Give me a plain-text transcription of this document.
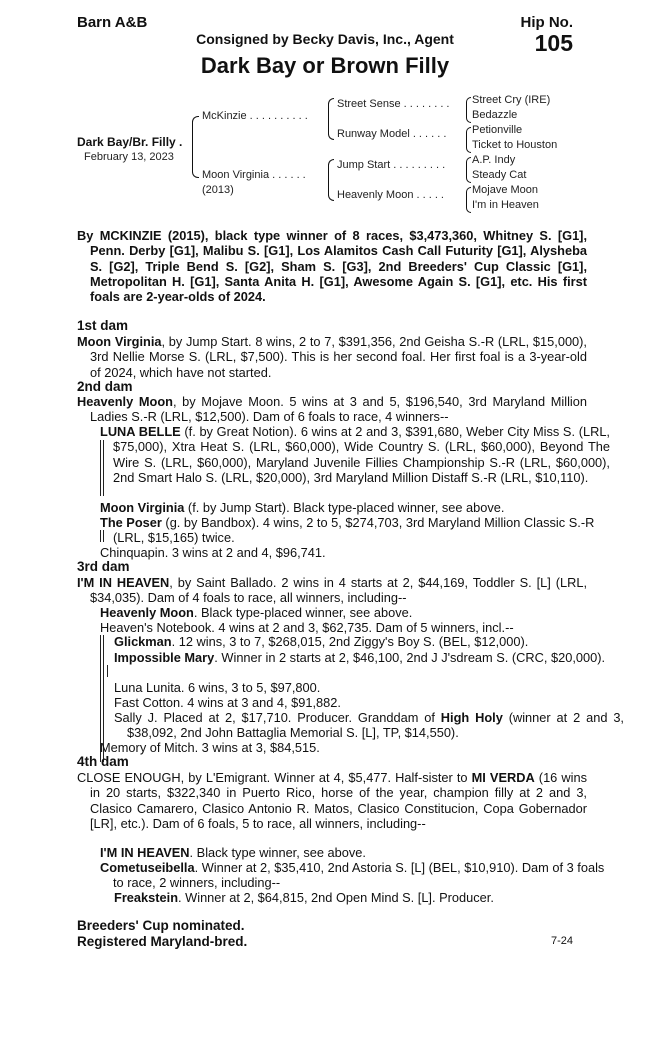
Barn A&B	Hip No.
105
Consigned by Becky Davis, Inc., Agent
Dark Bay or Brown Filly
Dark Bay/Br. Filly .
February 13, 2023
McKinzie . . . . . . . . . .
Moon Virginia . . . . . .
(2013)
Street Sense . . . . . . . .
Runway Model . . . . . .
Jump Start . . . . . . . . .
Heavenly Moon . . . . .
Street Cry (IRE)
Bedazzle
Petionville
Ticket to Houston
A.P. Indy
Steady Cat
Mojave Moon
I'm in Heaven
By MCKINZIE (2015), black type winner of 8 races, $3,473,360, Whitney S. [G1], Penn. Derby [G1], Malibu S. [G1], Los Alamitos Cash Call Futurity [G1], Alysheba S. [G2], Triple Bend S. [G2], Sham S. [G3], 2nd Breeders' Cup Classic [G1], Metropolitan H. [G1], Santa Anita H. [G1], Awesome Again S. [G1], etc. His first foals are 2-year-olds of 2024.
1st dam
Moon Virginia, by Jump Start. 8 wins, 2 to 7, $391,356, 2nd Geisha S.-R (LRL, $15,000), 3rd Nellie Morse S. (LRL, $7,500). This is her second foal. Her first foal is a 3-year-old of 2024, which have not started.
2nd dam
Heavenly Moon, by Mojave Moon. 5 wins at 3 and 5, $196,540, 3rd Maryland Million Ladies S.-R (LRL, $12,500). Dam of 6 foals to race, 4 winners--
LUNA BELLE (f. by Great Notion). 6 wins at 2 and 3, $391,680, Weber City Miss S. (LRL, $75,000), Xtra Heat S. (LRL, $60,000), Wide Country S. (LRL, $60,000), Beyond The Wire S. (LRL, $60,000), Maryland Juvenile Fillies Championship S.-R (LRL, $60,000), 2nd Smart Halo S. (LRL, $20,000), 3rd Maryland Million Distaff S.-R (LRL, $10,110).
Moon Virginia (f. by Jump Start). Black type-placed winner, see above.
The Poser (g. by Bandbox). 4 wins, 2 to 5, $274,703, 3rd Maryland Million Classic S.-R (LRL, $15,165) twice.
Chinquapin. 3 wins at 2 and 4, $96,741.
3rd dam
I'M IN HEAVEN, by Saint Ballado. 2 wins in 4 starts at 2, $44,169, Toddler S. [L] (LRL, $34,035). Dam of 4 foals to race, all winners, including--
Heavenly Moon. Black type-placed winner, see above.
Heaven's Notebook. 4 wins at 2 and 3, $62,735. Dam of 5 winners, incl.--
Glickman. 12 wins, 3 to 7, $268,015, 2nd Ziggy's Boy S. (BEL, $12,000).
Impossible Mary. Winner in 2 starts at 2, $46,100, 2nd J J'sdream S. (CRC, $20,000).
Luna Lunita. 6 wins, 3 to 5, $97,800.
Fast Cotton. 4 wins at 3 and 4, $91,882.
Sally J. Placed at 2, $17,710. Producer. Granddam of High Holy (winner at 2 and 3, $38,092, 2nd John Battaglia Memorial S. [L], TP, $14,550).
Memory of Mitch. 3 wins at 3, $84,515.
4th dam
CLOSE ENOUGH, by L'Emigrant. Winner at 4, $5,477. Half-sister to MI VERDA (16 wins in 20 starts, $322,340 in Puerto Rico, horse of the year, champion filly at 2 and 3, Clasico Camarero, Clasico Antonio R. Matos, Clasico Constitucion, Copa Gobernador [LR], etc.). Dam of 6 foals, 5 to race, all winners, including--
I'M IN HEAVEN. Black type winner, see above.
Cometuseibella. Winner at 2, $35,410, 2nd Astoria S. [L] (BEL, $10,910). Dam of 3 foals to race, 2 winners, including--
Freakstein. Winner at 2, $64,815, 2nd Open Mind S. [L]. Producer.
Breeders' Cup nominated.
Registered Maryland-bred.	7-24
